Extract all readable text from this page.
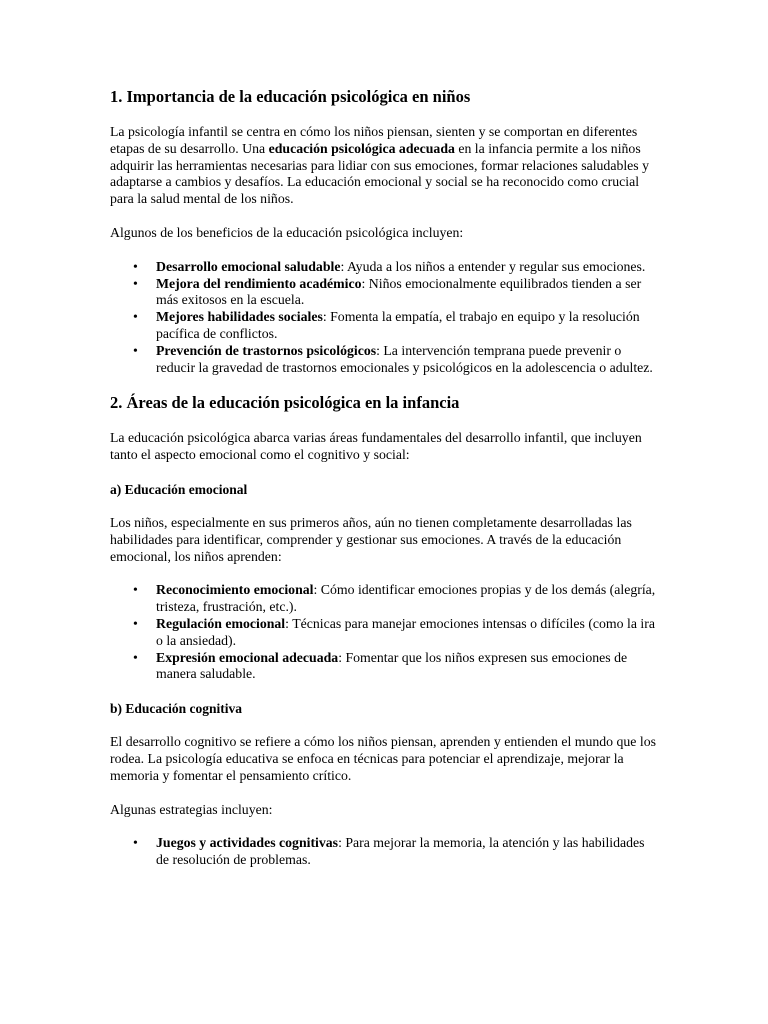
1. Importancia de la educación psicológica en niños

La psicología infantil se centra en cómo los niños piensan, sienten y se comportan en diferentes etapas de su desarrollo. Una educación psicológica adecuada en la infancia permite a los niños adquirir las herramientas necesarias para lidiar con sus emociones, formar relaciones saludables y adaptarse a cambios y desafíos. La educación emocional y social se ha reconocido como crucial para la salud mental de los niños.

Algunos de los beneficios de la educación psicológica incluyen:

• Desarrollo emocional saludable: Ayuda a los niños a entender y regular sus emociones.
• Mejora del rendimiento académico: Niños emocionalmente equilibrados tienden a ser más exitosos en la escuela.
• Mejores habilidades sociales: Fomenta la empatía, el trabajo en equipo y la resolución pacífica de conflictos.
• Prevención de trastornos psicológicos: La intervención temprana puede prevenir o reducir la gravedad de trastornos emocionales y psicológicos en la adolescencia o adultez.
2. Áreas de la educación psicológica en la infancia

La educación psicológica abarca varias áreas fundamentales del desarrollo infantil, que incluyen tanto el aspecto emocional como el cognitivo y social:

a) Educación emocional

Los niños, especialmente en sus primeros años, aún no tienen completamente desarrolladas las habilidades para identificar, comprender y gestionar sus emociones. A través de la educación emocional, los niños aprenden:

• Reconocimiento emocional: Cómo identificar emociones propias y de los demás (alegría, tristeza, frustración, etc.).
• Regulación emocional: Técnicas para manejar emociones intensas o difíciles (como la ira o la ansiedad).
• Expresión emocional adecuada: Fomentar que los niños expresen sus emociones de manera saludable.
b) Educación cognitiva

El desarrollo cognitivo se refiere a cómo los niños piensan, aprenden y entienden el mundo que los rodea. La psicología educativa se enfoca en técnicas para potenciar el aprendizaje, mejorar la memoria y fomentar el pensamiento crítico.

Algunas estrategias incluyen:

• Juegos y actividades cognitivas: Para mejorar la memoria, la atención y las habilidades de resolución de problemas.
